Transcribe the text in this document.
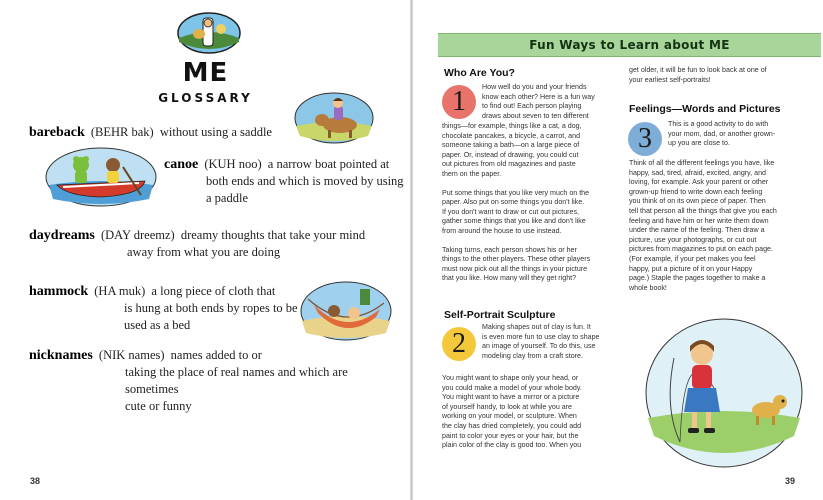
ME
GLOSSARY
bareback (BEHR bak) without using a saddle
canoe (KUH noo) a narrow boat pointed at
both ends and which is moved by using
a paddle
daydreams (DAY dreemz) dreamy thoughts that take your mind
away from what you are doing
hammock (HA muk) a long piece of cloth that
is hung at both ends by ropes to be
used as a bed
nicknames (NIK names) names added to or
taking the place of real names and which are sometimes
cute or funny
38
Fun Ways to Learn about ME
Who Are You?
1	How well do you and your friends
know each other? Here is a fun way
to find out! Each person playing
draws about seven to ten different
things—for example, things like a cat, a dog,
chocolate pancakes, a bicycle, a carrot, and
someone taking a bath—on a large piece of
paper. Or, instead of drawing, you could cut
out pictures from old magazines and paste
them on the paper.
Put some things that you like very much on the
paper. Also put on some things you don't like.
If you don't want to draw or cut out pictures,
gather some things that you like and don't like
from around the house to use instead.
Taking turns, each person shows his or her
things to the other players. These other players
must now pick out all the things in your picture
that you like. How many will they get right?
Self-Portrait Sculpture
2
Making shapes out of clay is fun. It
is even more fun to use clay to shape
an image of yourself. To do this, use
modeling clay from a craft store.
You might want to shape only your head, or
you could make a model of your whole body.
You might want to have a mirror or a picture
of yourself handy, to look at while you are
working on your model, or sculpture. When
the clay has dried completely, you could add
paint to color your eyes or your hair, but the
plain color of the clay is good too. When you
get older, it will be fun to look back at one of
your earliest self-portraits!
Feelings—Words and Pictures
3	This is a good activity to do with
your mom, dad, or another grown-
up you are close to.
Think of all the different feelings you have, like
happy, sad, tired, afraid, excited, angry, and
loving, for example. Ask your parent or other
grown-up friend to write down each feeling
you think of on its own piece of paper. Then
tell that person all the things that give you each
feeling and have him or her write them down
under the name of the feeling. Then draw a
picture, use your photographs, or cut out
pictures from magazines to put on each page.
(For example, if your pet makes you feel
happy, put a picture of it on your Happy
page.) Staple the pages together to make a
whole book!
39
